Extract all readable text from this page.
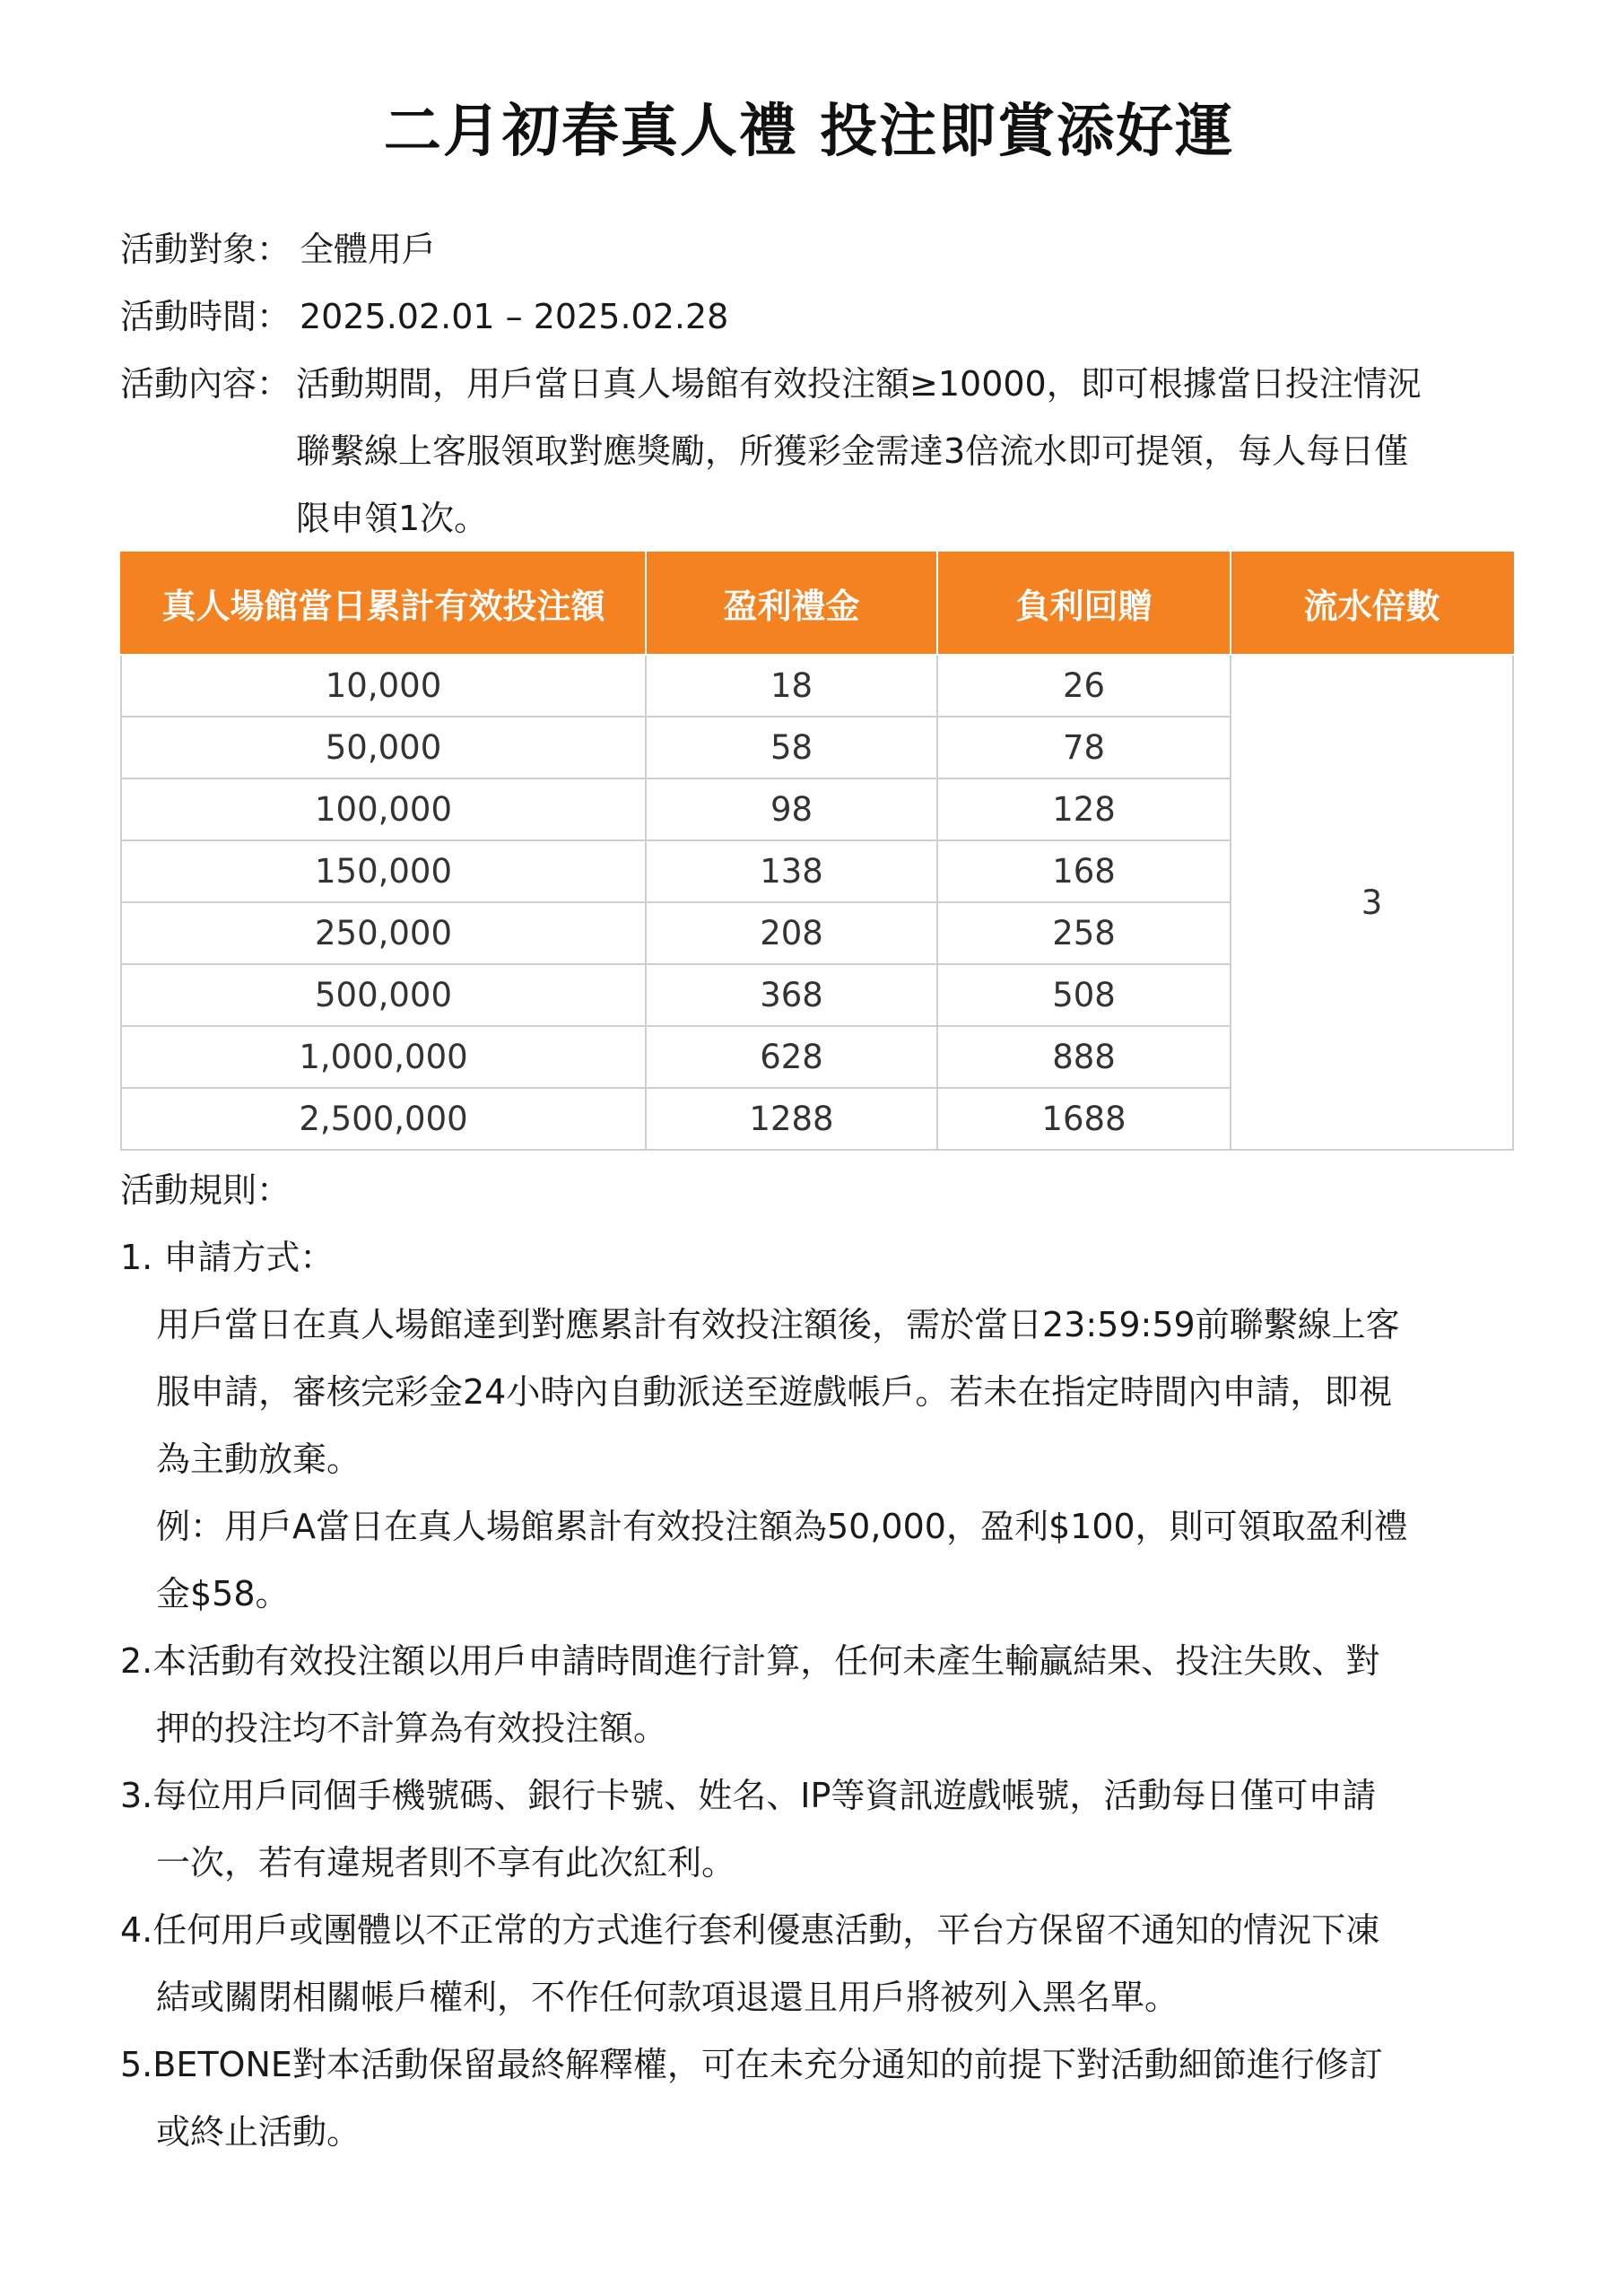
二月初春真人禮 投注即賞添好運
活動對象： 全體用戶
活動時間： 2025.02.01 – 2025.02.28
活動內容： 活動期間，用戶當日真人場館有效投注額≥10000，即可根據當日投注情況
聯繫線上客服領取對應獎勵，所獲彩金需達3倍流水即可提領，每人每日僅
限申領1次。
真人場館當日累計有效投注額	盈利禮金	負利回贈	流水倍數
10,000	18	26	3
50,000	58	78	
100,000	98	128	
150,000	138	168	
250,000	208	258	
500,000	368	508	
1,000,000	628	888	
2,500,000	1288	1688	
活動規則：
1. 申請方式：
用戶當日在真人場館達到對應累計有效投注額後，需於當日23:59:59前聯繫線上客
服申請，審核完彩金24小時內自動派送至遊戲帳戶。若未在指定時間內申請，即視
為主動放棄。
例：用戶A當日在真人場館累計有效投注額為50,000，盈利$100，則可領取盈利禮
金$58。
2.本活動有效投注額以用戶申請時間進行計算，任何未產生輸贏結果、投注失敗、對
押的投注均不計算為有效投注額。
3.每位用戶同個手機號碼、銀行卡號、姓名、IP等資訊遊戲帳號，活動每日僅可申請
一次，若有違規者則不享有此次紅利。
4.任何用戶或團體以不正常的方式進行套利優惠活動，平台方保留不通知的情況下凍
結或關閉相關帳戶權利，不作任何款項退還且用戶將被列入黑名單。
5.BETONE對本活動保留最終解釋權，可在未充分通知的前提下對活動細節進行修訂
或終止活動。
